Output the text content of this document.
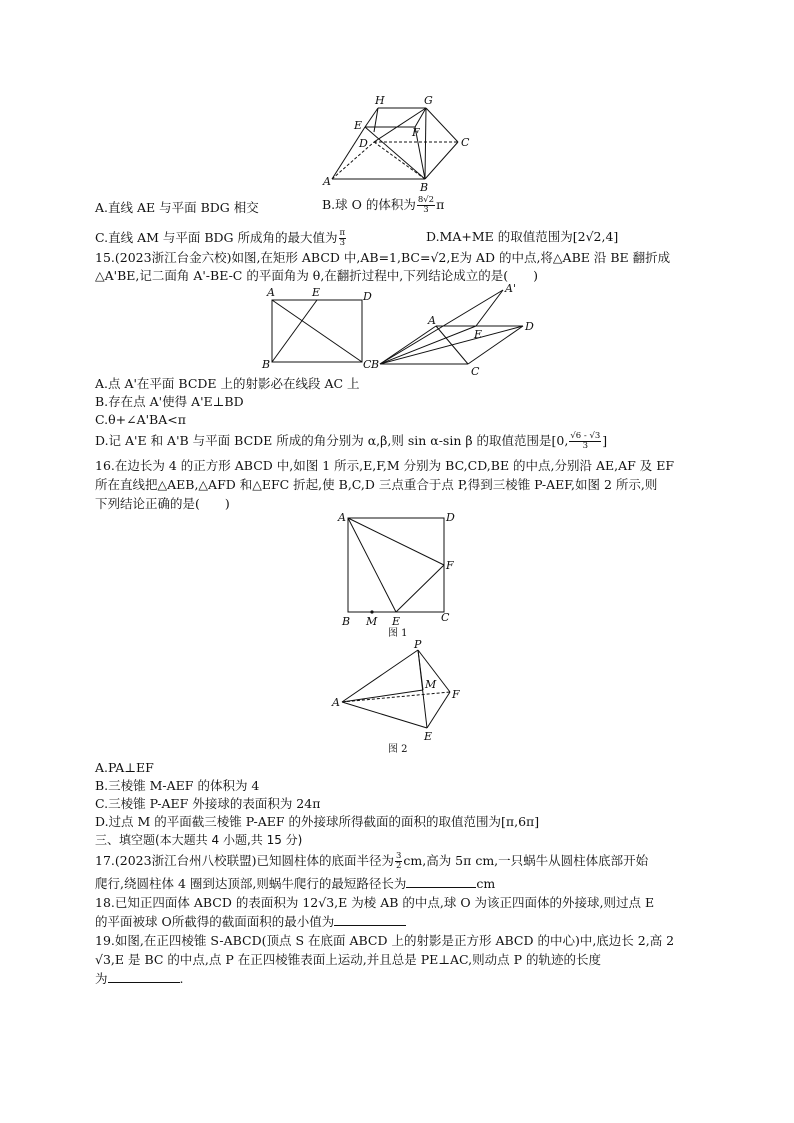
H	G
E
D
F
C
A	B
A.直线 AE 与平面 BDG 相交	B.球 O 的体积为 $\frac{8√2}{3}$ π
C.直线 AM 与平面 BDG 所成角的最大值为 $\frac{\pi}{3}$	D.MA+ME 的取值范围为[2√2,4]
15.(2023浙江台金六校)如图,在矩形 ABCD 中,AB=1,BC=√2,E为 AD 的中点,将△ABE 沿 BE 翻折成
△A'BE,记二面角 A'-BE-C 的平面角为 θ,在翻折过程中,下列结论成立的是(　　)
A	E	D
B	C
A'
A
E
D
B
C
A.点 A'在平面 BCDE 上的射影必在线段 AC 上
B.存在点 A'使得 A'E⊥BD
C.θ+∠A'BA<π
D.记 A'E 和 A'B 与平面 BCDE 所成的角分别为 α,β,则 sin α-sin β 的取值范围是[0, $\frac{√6 - √3}{3}$ ]
16.在边长为 4 的正方形 ABCD 中,如图 1 所示,E,F,M 分别为 BC,CD,BE 的中点,分别沿 AE,AF 及 EF
所在直线把△AEB,△AFD 和△EFC 折起,使 B,C,D 三点重合于点 P,得到三棱锥 P-AEF,如图 2 所示,则
下列结论正确的是(　　)
A	D
F
B M E	C
图 1
P
M
A
F
E
图 2
A.PA⊥EF
B.三棱锥 M-AEF 的体积为 4
C.三棱锥 P-AEF 外接球的表面积为 24π
D.过点 M 的平面截三棱锥 P-AEF 的外接球所得截面的面积的取值范围为[π,6π]
三、填空题(本大题共 4 小题,共 15 分)
17.(2023浙江台州八校联盟)已知圆柱体的底面半径为 $\frac{3}{2}$ cm,高为 5π cm,一只蜗牛从圆柱体底部开始
爬行,绕圆柱体 4 圈到达顶部,则蜗牛爬行的最短路径长为	cm
18.已知正四面体 ABCD 的表面积为 12√3,E 为棱 AB 的中点,球 O 为该正四面体的外接球,则过点 E
的平面被球 O所截得的截面面积的最小值为
19.如图,在正四棱锥 S-ABCD(顶点 S 在底面 ABCD 上的射影是正方形 ABCD 的中心)中,底边长 2,高 2
√3,E 是 BC 的中点,点 P 在正四棱锥表面上运动,并且总是 PE⊥AC,则动点 P 的轨迹的长度
为	.
